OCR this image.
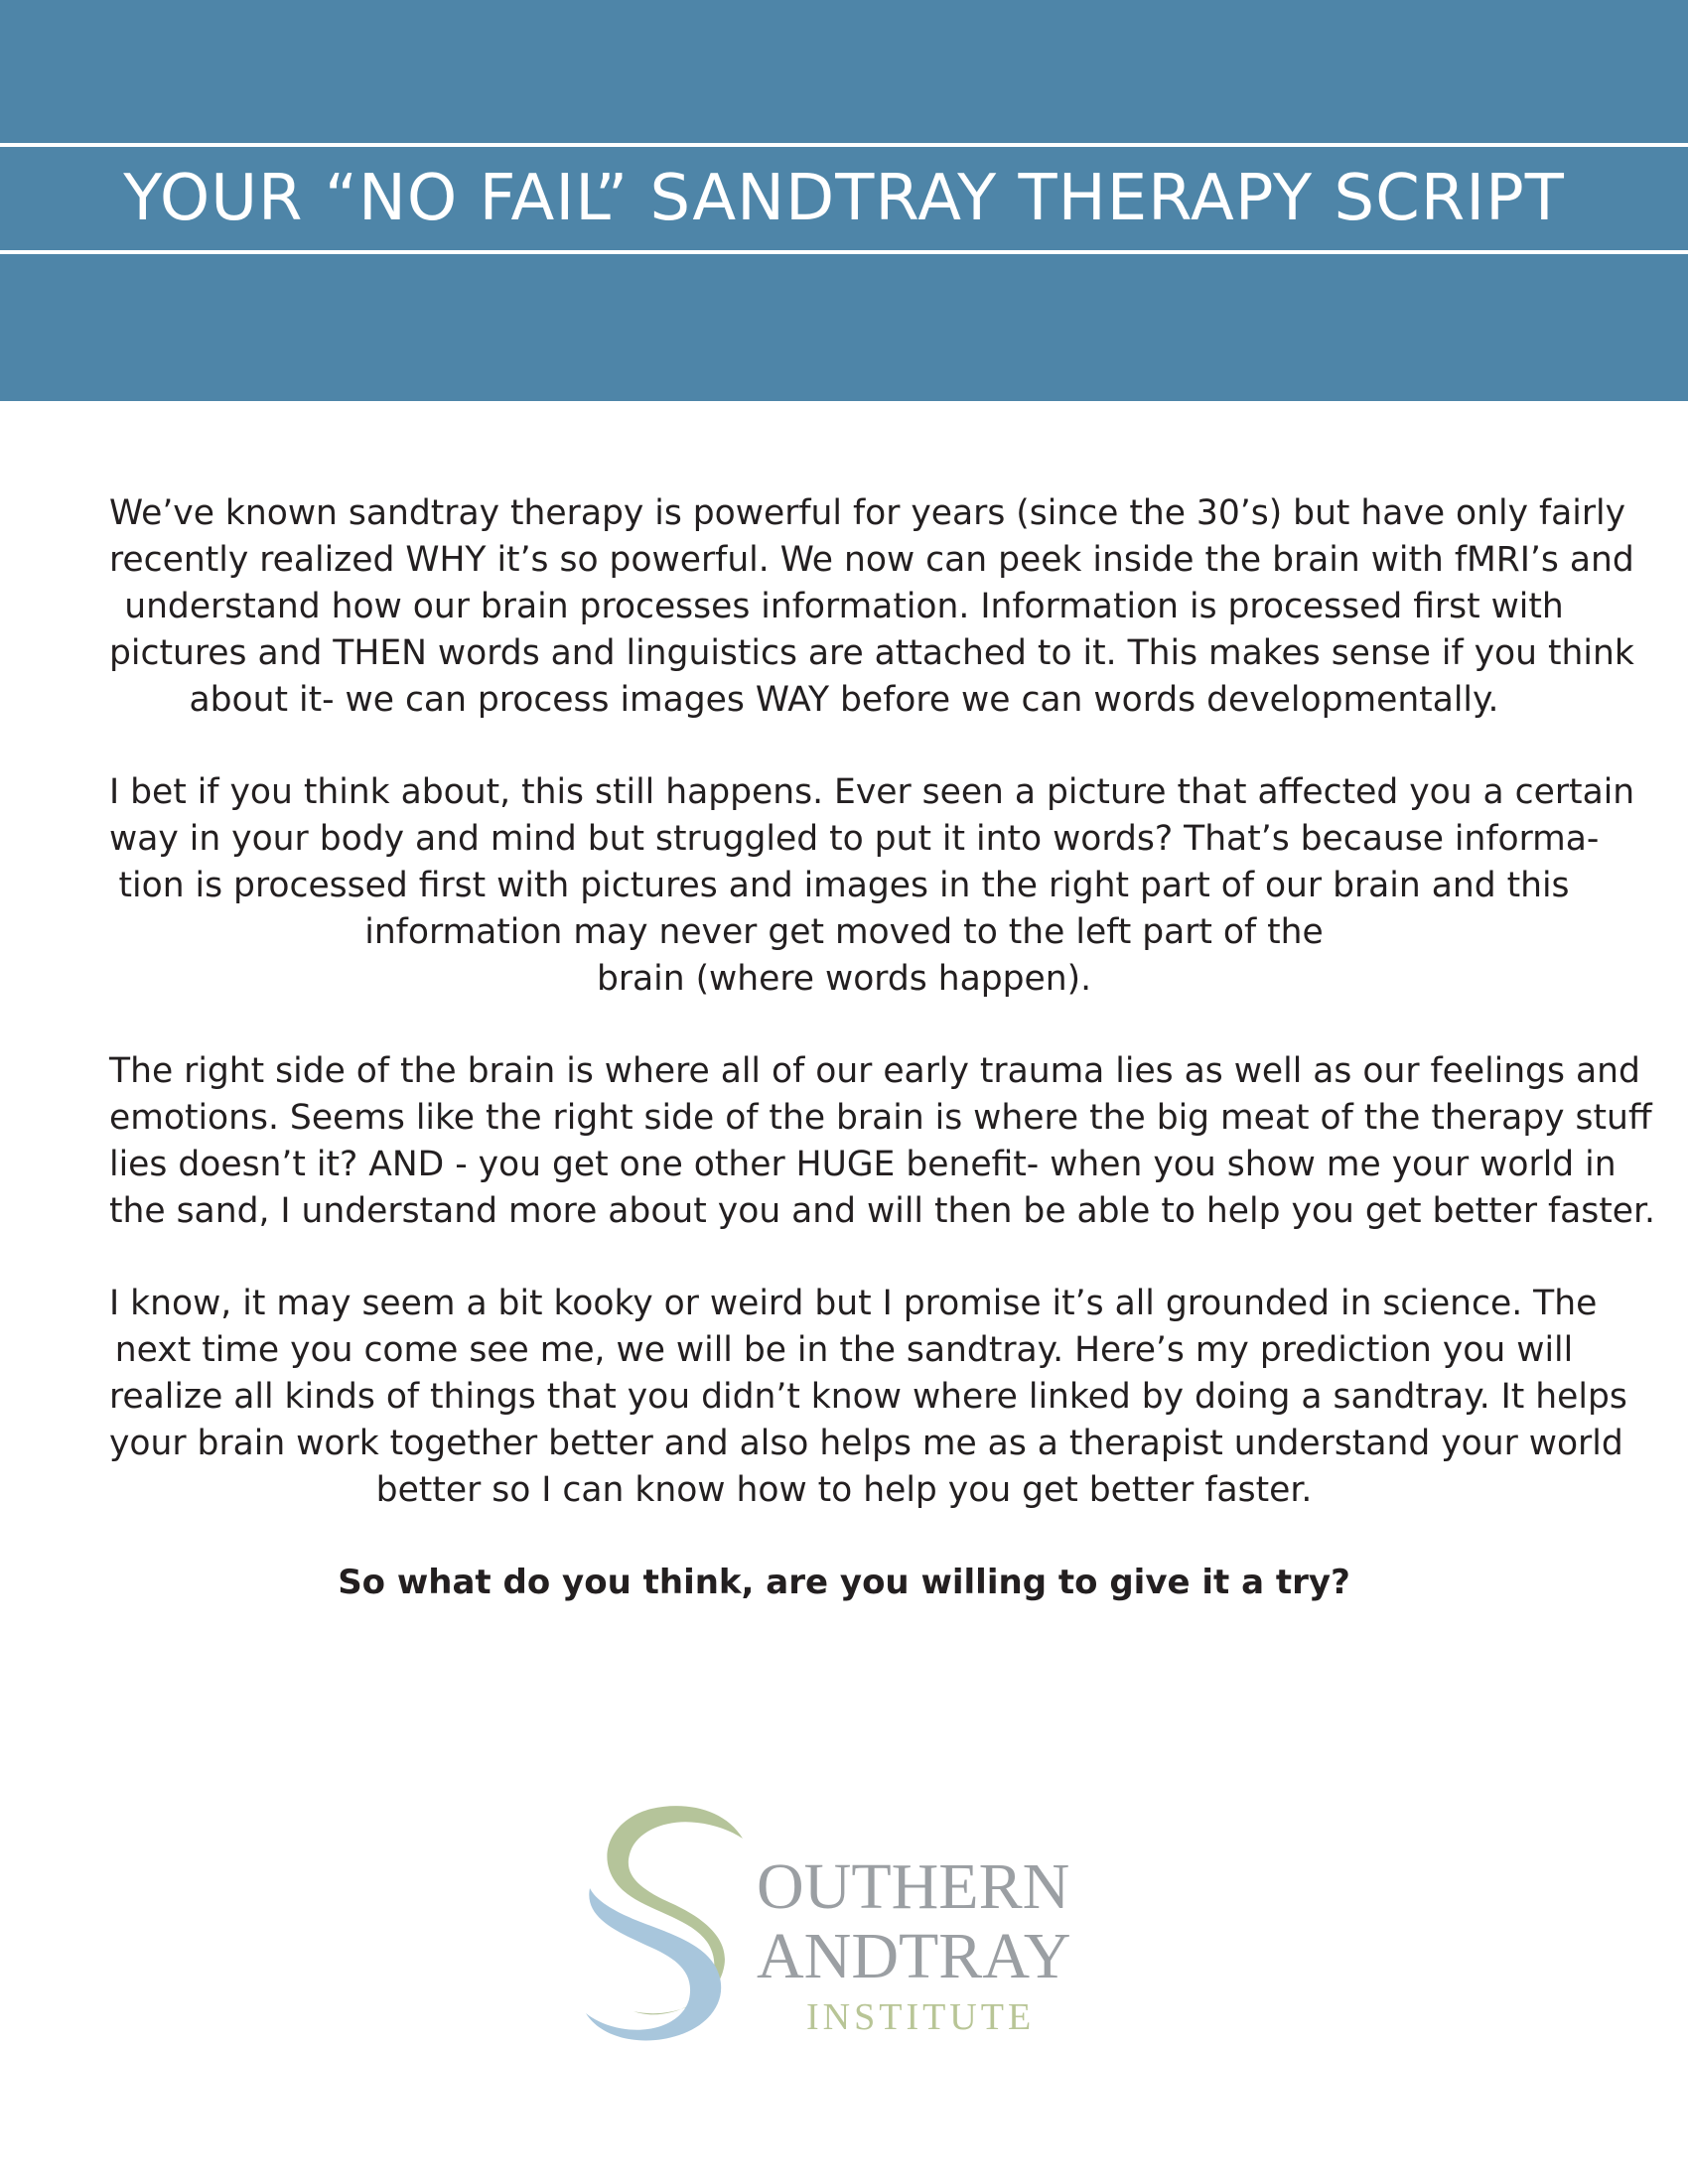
YOUR “NO FAIL” SANDTRAY THERAPY SCRIPT

We’ve known sandtray therapy is powerful for years (since the 30’s) but have only fairly
recently realized WHY it’s so powerful. We now can peek inside the brain with fMRI’s and
understand how our brain processes information. Information is processed first with
pictures and THEN words and linguistics are attached to it. This makes sense if you think
about it- we can process images WAY before we can words developmentally.

I bet if you think about, this still happens. Ever seen a picture that affected you a certain
way in your body and mind but struggled to put it into words? That’s because informa-
tion is processed first with pictures and images in the right part of our brain and this
information may never get moved to the left part of the
brain (where words happen).

The right side of the brain is where all of our early trauma lies as well as our feelings and
emotions. Seems like the right side of the brain is where the big meat of the therapy stuff
lies doesn’t it? AND - you get one other HUGE benefit- when you show me your world in
the sand, I understand more about you and will then be able to help you get better faster.

I know, it may seem a bit kooky or weird but I promise it’s all grounded in science. The
next time you come see me, we will be in the sandtray. Here’s my prediction you will
realize all kinds of things that you didn’t know where linked by doing a sandtray. It helps
your brain work together better and also helps me as a therapist understand your world
better so I can know how to help you get better faster.

So what do you think, are you willing to give it a try?

OUTHERN
ANDTRAY
INSTITUTE
